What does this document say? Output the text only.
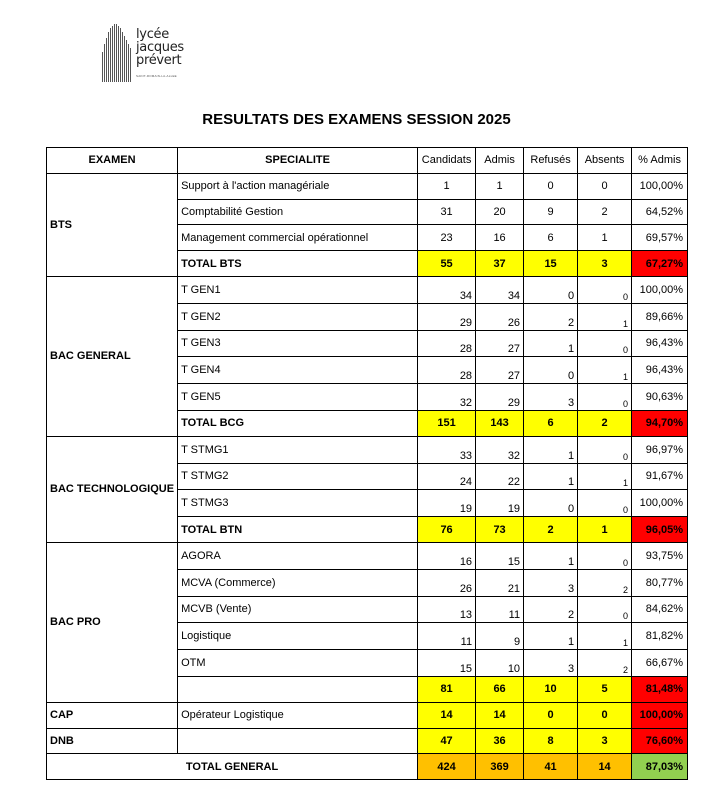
lycée
jacques
prévert
SAINT-ROMAIN-LA-ALLEE
RESULTATS DES EXAMENS SESSION 2025
EXAMEN	SPECIALITE	Candidats	Admis	Refusés	Absents	% Admis
BTS	Support à l'action managériale	1	1	0	0	100,00%
	Comptabilité Gestion	31	20	9	2	64,52%
	Management commercial opérationnel	23	16	6	1	69,57%
	TOTAL BTS	55	37	15	3	67,27%
BAC GENERAL	T GEN1	34	34	0	0	100,00%
	T GEN2	29	26	2	1	89,66%
	T GEN3	28	27	1	0	96,43%
	T GEN4	28	27	0	1	96,43%
	T GEN5	32	29	3	0	90,63%
	TOTAL BCG	151	143	6	2	94,70%
BAC TECHNOLOGIQUE	T STMG1	33	32	1	0	96,97%
	T STMG2	24	22	1	1	91,67%
	T STMG3	19	19	0	0	100,00%
	TOTAL BTN	76	73	2	1	96,05%
BAC PRO	AGORA	16	15	1	0	93,75%
	MCVA (Commerce)	26	21	3	2	80,77%
	MCVB (Vente)	13	11	2	0	84,62%
	Logistique	11	9	1	1	81,82%
	OTM	15	10	3	2	66,67%
		81	66	10	5	81,48%
CAP	Opérateur Logistique	14	14	0	0	100,00%
DNB		47	36	8	3	76,60%
TOTAL GENERAL		424	369	41	14	87,03%
